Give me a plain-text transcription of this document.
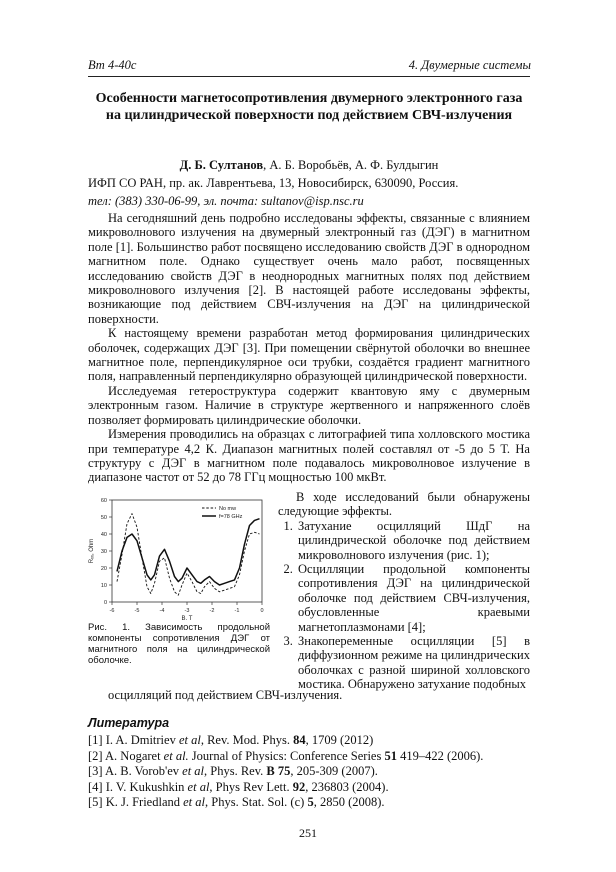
Вт 4-40с	4. Двумерные системы
Особенности магнетосопротивления двумерного электронного газа на цилиндрической поверхности под действием СВЧ-излучения
Д. Б. Султанов, А. Б. Воробьёв, А. Ф. Булдыгин
ИФП СО РАН, пр. ак. Лаврентьева, 13, Новосибирск, 630090, Россия.
тел: (383) 330-06-99, эл. почта: sultanov@isp.nsc.ru

На сегодняшний день подробно исследованы эффекты, связанные с влиянием микроволнового излучения на двумерный электронный газ (ДЭГ) в магнитном поле [1]. Большинство работ посвящено исследованию свойств ДЭГ в однородном магнитном поле. Однако существует очень мало работ, посвященных исследованию свойств ДЭГ в неоднородных магнитных полях под действием микроволнового излучения [2]. В настоящей работе исследованы эффекты, возникающие под действием СВЧ-излучения на ДЭГ на цилиндрической поверхности.

К настоящему времени разработан метод формирования цилиндрических оболочек, содержащих ДЭГ [3]. При помещении свёрнутой оболочки во внешнее магнитное поле, перпендикулярное оси трубки, создаётся градиент магнитного поля, направленный перпендикулярно образующей цилиндрической поверхности.

Исследуемая гетероструктура содержит квантовую яму с двумерным электронным газом. Наличие в структуре жертвенного и напряженного слоёв позволяет формировать цилиндрические оболочки.

Измерения проводились на образцах с литографией типа холловского мостика при температуре 4,2 К. Диапазон магнитных полей составлял от -5 до 5 Т. На структуру с ДЭГ в магнитном поле подавалось микроволновое излучение в диапазоне частот от 52 до 78 ГГц мощностью 100 мкВт.

-6	-5	-4	-3	-2	-1	0
0
10
20
30
40
50
60
B, T
Rₓₓ, Ohm
No mw
f=78 GHz
Рис. 1. Зависимость продольной компоненты сопротивления ДЭГ от магнитного поля на цилиндрической оболочке.

В ходе исследований были обнаружены следующие эффекты.

1. Затухание осцилляций ШдГ на цилиндрической оболочке под действием микроволнового излучения (рис. 1);
2. Осцилляции продольной компоненты сопротивления ДЭГ на цилиндрической оболочке под действием СВЧ-излучения, обусловленные краевыми магнетоплазмонами [4];
3. Знакопеременные осцилляции [5] в диффузионном режиме на цилиндрических оболочках с разной шириной холловского мостика. Обнаружено затухание подобных
осцилляций под действием СВЧ-излучения.
Литература
[1] I. A. Dmitriev et al, Rev. Mod. Phys. 84, 1709 (2012)
[2] A. Nogaret et al. Journal of Physics: Conference Series 51 419–422 (2006).
[3] A. B. Vorob'ev et al, Phys. Rev. B 75, 205-309 (2007).
[4] I. V. Kukushkin et al, Phys Rev Lett. 92, 236803 (2004).
[5] K. J. Friedland et al, Phys. Stat. Sol. (c) 5, 2850 (2008).
251
